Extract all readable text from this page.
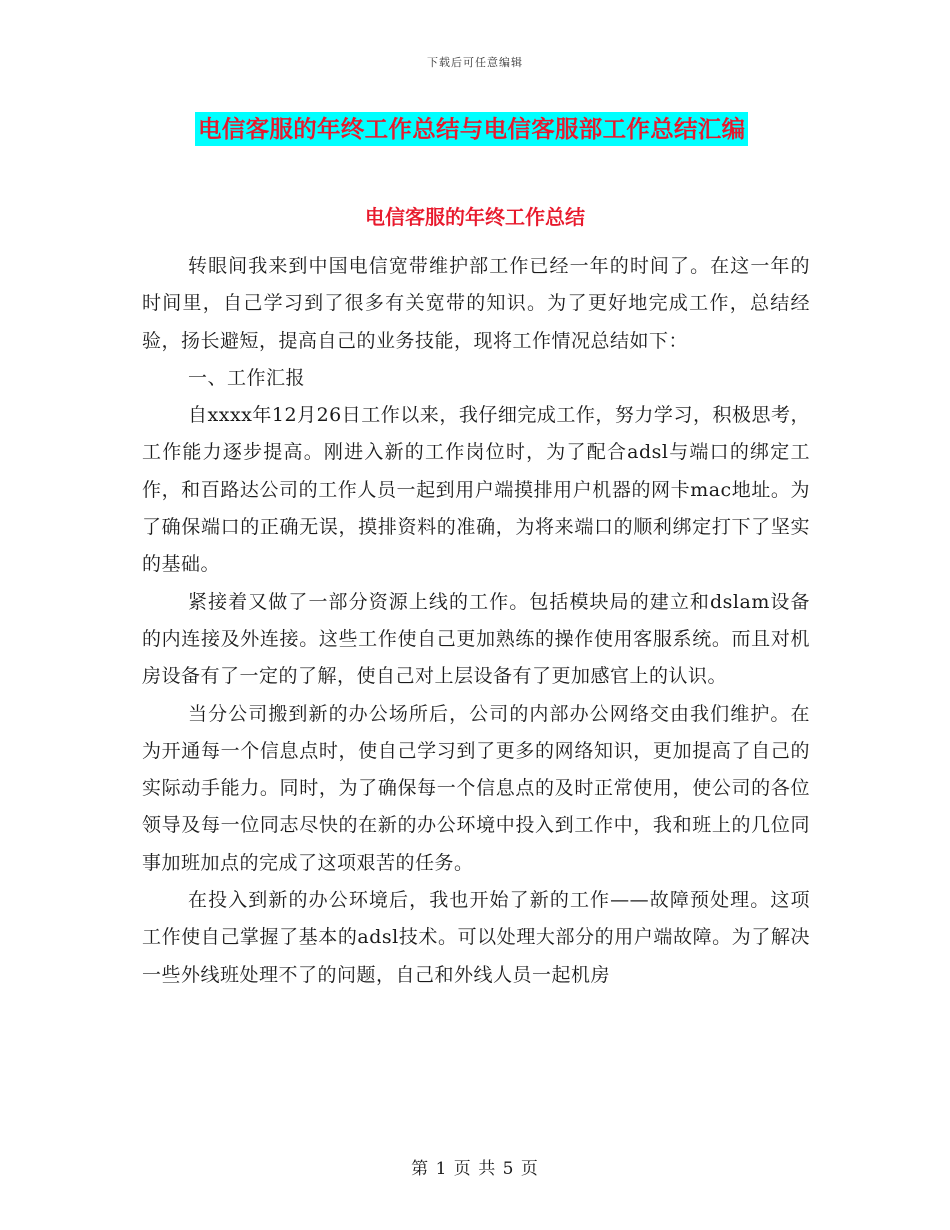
下载后可任意编辑
电信客服的年终工作总结与电信客服部工作总结汇编
电信客服的年终工作总结

转眼间我来到中国电信宽带维护部工作已经一年的时间了。在这一年的时间里，自己学习到了很多有关宽带的知识。为了更好地完成工作，总结经验，扬长避短，提高自己的业务技能，现将工作情况总结如下：

一、工作汇报

自xxxx年12月26日工作以来，我仔细完成工作，努力学习，积极思考，工作能力逐步提高。刚进入新的工作岗位时，为了配合adsl与端口的绑定工作，和百路达公司的工作人员一起到用户端摸排用户机器的网卡mac地址。为了确保端口的正确无误，摸排资料的准确，为将来端口的顺利绑定打下了坚实的基础。

紧接着又做了一部分资源上线的工作。包括模块局的建立和dslam设备的内连接及外连接。这些工作使自己更加熟练的操作使用客服系统。而且对机房设备有了一定的了解，使自己对上层设备有了更加感官上的认识。

当分公司搬到新的办公场所后，公司的内部办公网络交由我们维护。在为开通每一个信息点时，使自己学习到了更多的网络知识，更加提高了自己的实际动手能力。同时，为了确保每一个信息点的及时正常使用，使公司的各位领导及每一位同志尽快的在新的办公环境中投入到工作中，我和班上的几位同事加班加点的完成了这项艰苦的任务。

在投入到新的办公环境后，我也开始了新的工作——故障预处理。这项工作使自己掌握了基本的adsl技术。可以处理大部分的用户端故障。为了解决一些外线班处理不了的问题，自己和外线人员一起机房

第 1 页 共 5 页
